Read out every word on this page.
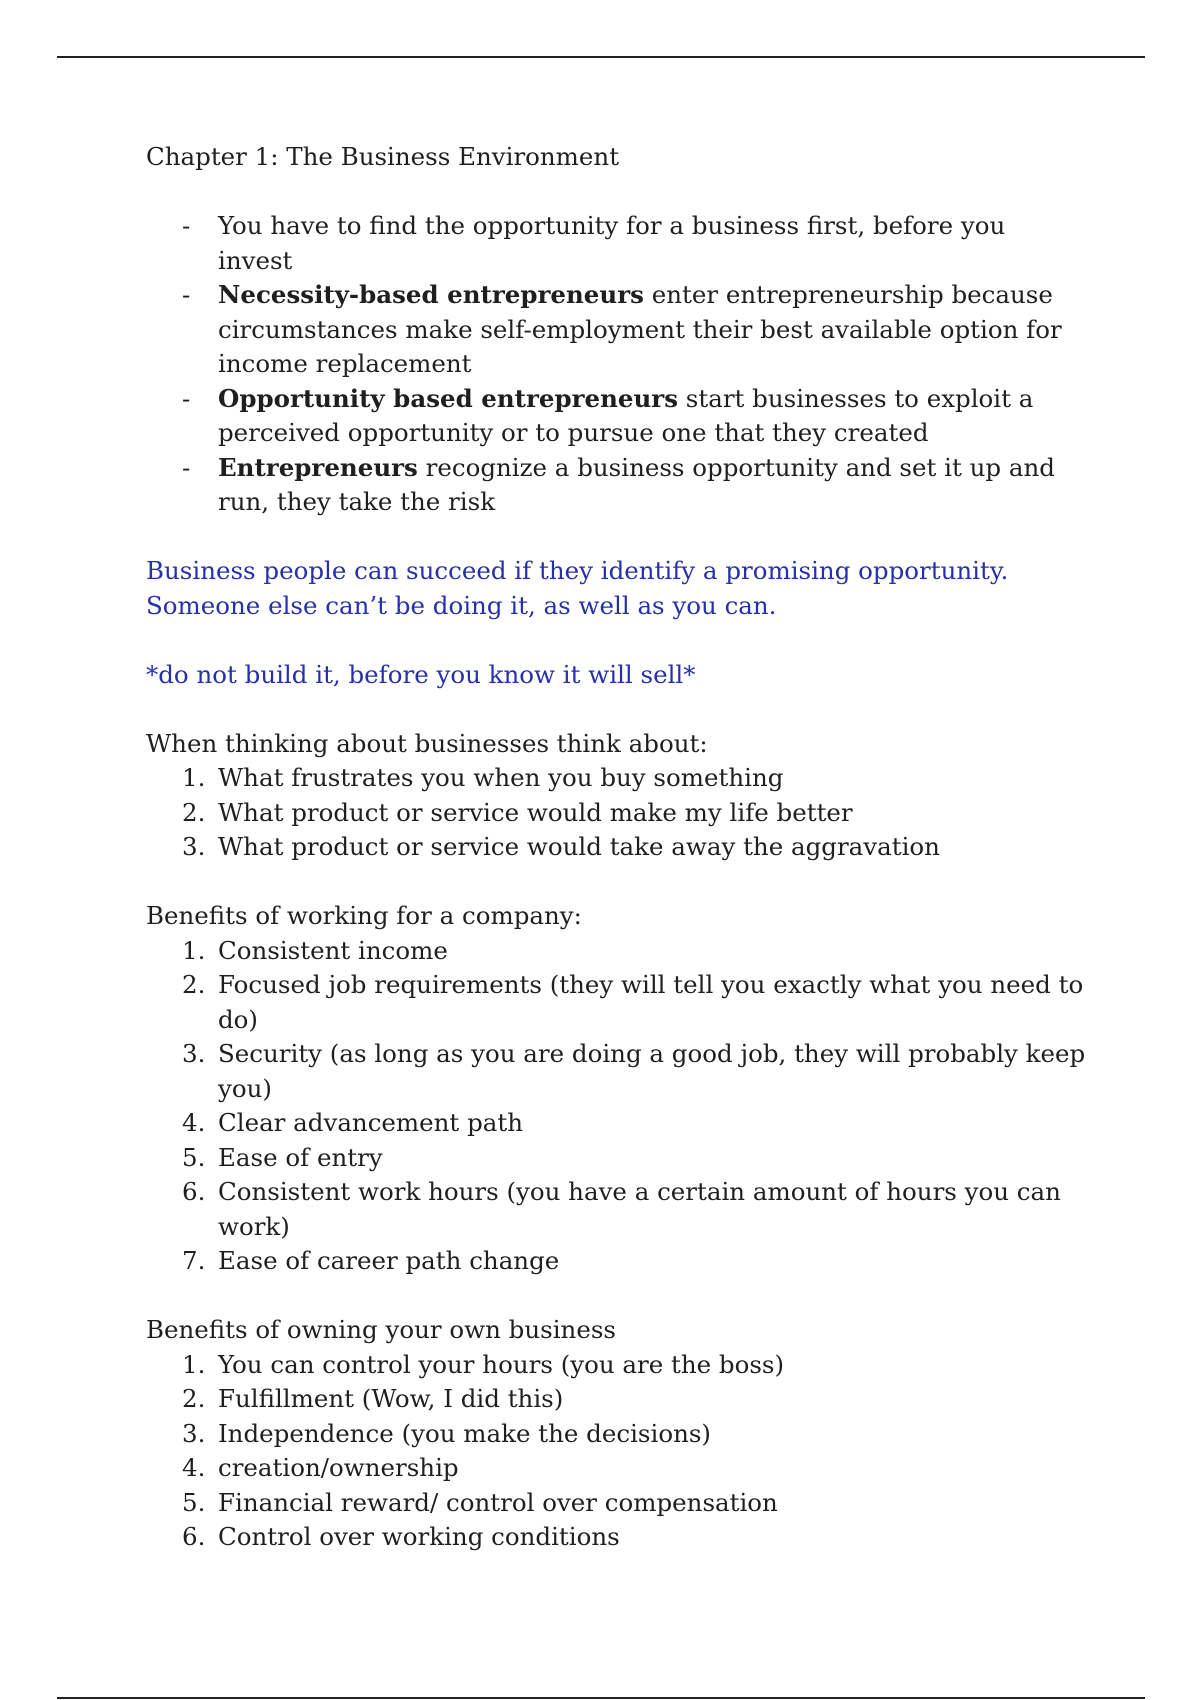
Chapter 1: The Business Environment

- You have to find the opportunity for a business first, before you invest
- Necessity-based entrepreneurs enter entrepreneurship because circumstances make self-employment their best available option for income replacement
- Opportunity based entrepreneurs start businesses to exploit a perceived opportunity or to pursue one that they created
- Entrepreneurs recognize a business opportunity and set it up and run, they take the risk

Business people can succeed if they identify a promising opportunity. Someone else can’t be doing it, as well as you can.

*do not build it, before you know it will sell*

When thinking about businesses think about:

1. What frustrates you when you buy something
2. What product or service would make my life better
3. What product or service would take away the aggravation

Benefits of working for a company:

1. Consistent income
2. Focused job requirements (they will tell you exactly what you need to do)
3. Security (as long as you are doing a good job, they will probably keep you)
4. Clear advancement path
5. Ease of entry
6. Consistent work hours (you have a certain amount of hours you can work)
7. Ease of career path change

Benefits of owning your own business

1. You can control your hours (you are the boss)
2. Fulfillment (Wow, I did this)
3. Independence (you make the decisions)
4. creation/ownership
5. Financial reward/ control over compensation
6. Control over working conditions
